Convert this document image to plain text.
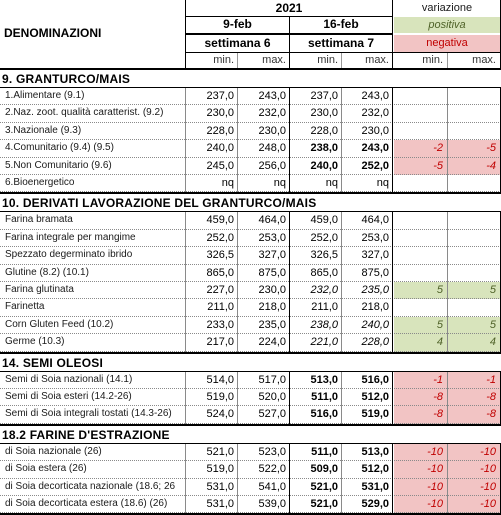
DENOMINAZIONI
2021	variazione
9-feb	16-feb	positiva
settimana 6	settimana 7	negativa
min.	max.	min.	max.	min.	max.
9. GRANTURCO/MAIS
1.Alimentare (9.1)	237,0	243,0	237,0	243,0
2.Naz. zoot. qualità caratterist. (9.2)	230,0	232,0	230,0	232,0
3.Nazionale (9.3)	228,0	230,0	228,0	230,0
4.Comunitario (9.4) (9.5)	240,0	248,0	238,0	243,0	-2	-5
5.Non Comunitario (9.6)	245,0	256,0	240,0	252,0	-5	-4
6.Bioenergetico	nq	nq	nq	nq
10. DERIVATI LAVORAZIONE DEL GRANTURCO/MAIS
Farina bramata	459,0	464,0	459,0	464,0
Farina integrale per mangime	252,0	253,0	252,0	253,0
Spezzato degerminato ibrido	326,5	327,0	326,5	327,0
Glutine (8.2) (10.1)	865,0	875,0	865,0	875,0
Farina glutinata	227,0	230,0	232,0	235,0	5	5
Farinetta	211,0	218,0	211,0	218,0
Corn Gluten Feed (10.2)	233,0	235,0	238,0	240,0	5	5
Germe (10.3)	217,0	224,0	221,0	228,0	4	4
14. SEMI OLEOSI
Semi di Soia nazionali (14.1)	514,0	517,0	513,0	516,0	-1	-1
Semi di Soia esteri (14.2-26)	519,0	520,0	511,0	512,0	-8	-8
Semi di Soia integrali tostati (14.3-26)	524,0	527,0	516,0	519,0	-8	-8
18.2 FARINE D'ESTRAZIONE
di Soia nazionale (26)	521,0	523,0	511,0	513,0	-10	-10
di Soia estera (26)	519,0	522,0	509,0	512,0	-10	-10
di Soia decorticata nazionale (18.6; 26	531,0	541,0	521,0	531,0	-10	-10
di Soia decorticata estera (18.6) (26)	531,0	539,0	521,0	529,0	-10	-10
